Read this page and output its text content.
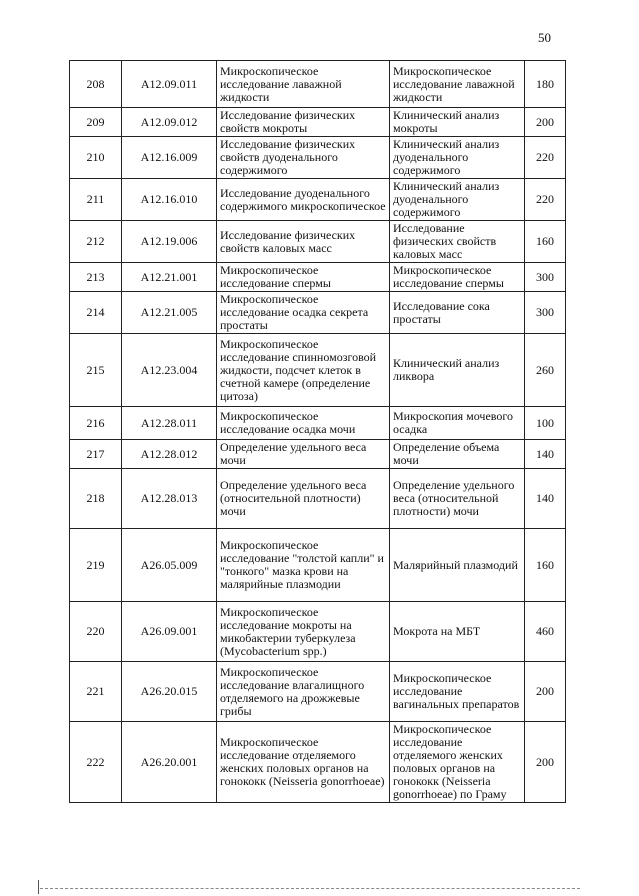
50
208	A12.09.011	Микроскопическое исследование лаважной жидкости	Микроскопическое исследование лаважной жидкости	180
209	A12.09.012	Исследование физических свойств мокроты	Клинический анализ мокроты	200
210	A12.16.009	Исследование физических свойств дуоденального содержимого	Клинический анализ дуоденального содержимого	220
211	A12.16.010	Исследование дуоденального содержимого микроскопическое	Клинический анализ дуоденального содержимого	220
212	A12.19.006	Исследование физических свойств каловых масс	Исследование физических свойств каловых масс	160
213	A12.21.001	Микроскопическое исследование спермы	Микроскопическое исследование спермы	300
214	A12.21.005	Микроскопическое исследование осадка секрета простаты	Исследование сока простаты	300
215	A12.23.004	Микроскопическое исследование спинномозговой жидкости, подсчет клеток в счетной камере (определение цитоза)	Клинический анализ ликвора	260
216	A12.28.011	Микроскопическое исследование осадка мочи	Микроскопия мочевого осадка	100
217	A12.28.012	Определение удельного веса мочи	Определение объема мочи	140
218	A12.28.013	Определение удельного веса (относительной плотности) мочи	Определение удельного веса (относительной плотности) мочи	140
219	A26.05.009	Микроскопическое исследование "толстой капли" и "тонкого" мазка крови на малярийные плазмодии	Малярийный плазмодий	160
220	A26.09.001	Микроскопическое исследование мокроты на микобактерии туберкулеза (Mycobacterium spp.)	Мокрота на МБТ	460
221	A26.20.015	Микроскопическое исследование влагалищного отделяемого на дрожжевые грибы	Микроскопическое исследование вагинальных препаратов	200
222	A26.20.001	Микроскопическое исследование отделяемого женских половых органов на гонококк (Neisseria gonorrhoeae)	Микроскопическое исследование отделяемого женских половых органов на гонококк (Neisseria gonorrhoeae) по Граму	200
